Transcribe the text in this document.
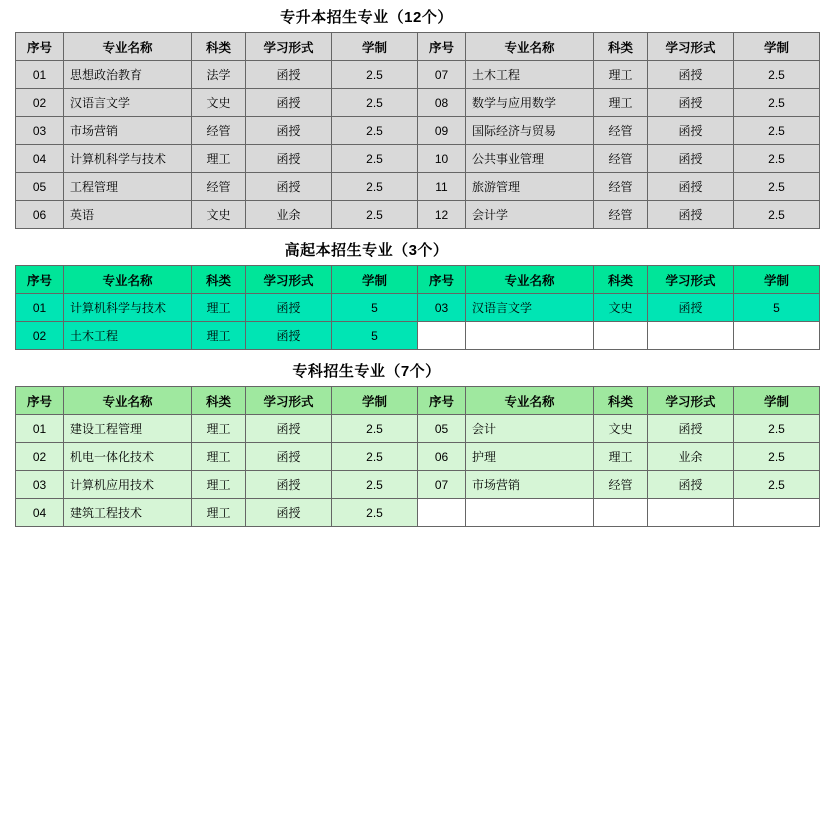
专升本招生专业（12个）
序号	专业名称	科类	学习形式	学制	序号	专业名称	科类	学习形式	学制
01	思想政治教育	法学	函授	2.5	07	土木工程	理工	函授	2.5
02	汉语言文学	文史	函授	2.5	08	数学与应用数学	理工	函授	2.5
03	市场营销	经管	函授	2.5	09	国际经济与贸易	经管	函授	2.5
04	计算机科学与技术	理工	函授	2.5	10	公共事业管理	经管	函授	2.5
05	工程管理	经管	函授	2.5	11	旅游管理	经管	函授	2.5
06	英语	文史	业余	2.5	12	会计学	经管	函授	2.5
高起本招生专业（3个）
序号	专业名称	科类	学习形式	学制	序号	专业名称	科类	学习形式	学制
01	计算机科学与技术	理工	函授	5	03	汉语言文学	文史	函授	5
02	土木工程	理工	函授	5					
专科招生专业（7个）
序号	专业名称	科类	学习形式	学制	序号	专业名称	科类	学习形式	学制
01	建设工程管理	理工	函授	2.5	05	会计	文史	函授	2.5
02	机电一体化技术	理工	函授	2.5	06	护理	理工	业余	2.5
03	计算机应用技术	理工	函授	2.5	07	市场营销	经管	函授	2.5
04	建筑工程技术	理工	函授	2.5					
